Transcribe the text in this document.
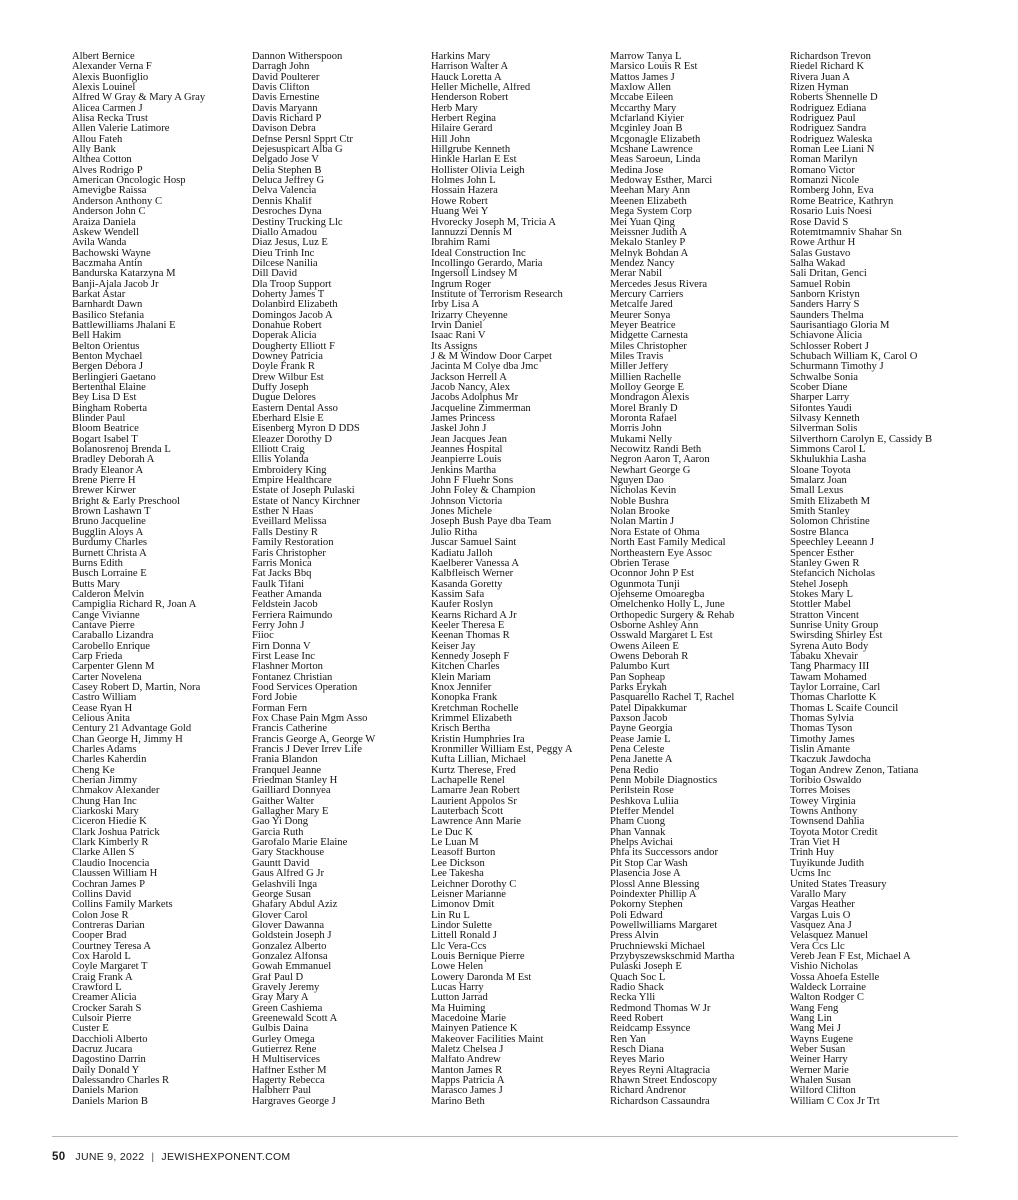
Albert Bernice
Alexander Verna F
Alexis Buonfiglio
Alexis Louinel
Alfred W Gray & Mary A Gray
Alicea Carmen J
Alisa Recka Trust
Allen Valerie Latimore
Allou Fateh
Ally Bank
Althea Cotton
Alves Rodrigo P
American Oncologic Hosp
Amevigbe Raissa
Anderson Anthony C
Anderson John C
Araiza Daniela
Askew Wendell
Avila Wanda
Bachowski Wayne
Baczmaha Antin
Bandurska Katarzyna M
Banji-Ajala Jacob Jr
Barkat Astar
Barnhardt Dawn
Basilico Stefania
Battlewilliams Jhalani E
Bell Hakim
Belton Orientus
Benton Mychael
Bergen Debora J
Berlingieri Gaetano
Bertenthal Elaine
Bey Lisa D Est
Bingham Roberta
Blinder Paul
Bloom Beatrice
Bogart Isabel T
Bolanosrenoj Brenda L
Bradley Deborah A
Brady Eleanor A
Brene Pierre H
Brewer Kirwer
Bright & Early Preschool
Brown Lashawn T
Bruno Jacqueline
Bugglin Aloys A
Burdumy Charles
Burnett Christa A
Burns Edith
Busch Lorraine E
Butts Mary
Calderon Melvin
Campiglia Richard R, Joan A
Cange Vivianne
Cantave Pierre
Caraballo Lizandra
Carobello Enrique
Carp Frieda
Carpenter Glenn M
Carter Novelena
Casey Robert D, Martin, Nora
Castro William
Cease Ryan H
Celious Anita
Century 21 Advantage Gold
Chan George H, Jimmy H
Charles Adams
Charles Kaherdin
Cheng Ke
Cherian Jimmy
Chmakov Alexander
Chung Han Inc
Ciarkoski Mary
Ciceron Hiedie K
Clark Joshua Patrick
Clark Kimberly R
Clarke Allen S
Claudio Inocencia
Claussen William H
Cochran James P
Collins David
Collins Family Markets
Colon Jose R
Contreras Darian
Cooper Brad
Courtney Teresa A
Cox Harold L
Coyle Margaret T
Craig Frank A
Crawford L
Creamer Alicia
Crocker Sarah S
Culsoir Pierre
Custer E
Dacchioli Alberto
Dacruz Jucara
Dagostino Darrin
Daily Donald Y
Dalessandro Charles R
Daniels Marion
Daniels Marion B
Dannon Witherspoon
Darragh John
David Poulterer
Davis Clifton
Davis Ernestine
Davis Maryann
Davis Richard P
Davison Debra
Defnse Persnl Spprt Ctr
Dejesuspicart Alba G
Delgado Jose V
Delia Stephen B
Deluca Jeffrey G
Delva Valencia
Dennis Khalif
Desroches Dyna
Destiny Trucking Llc
Diallo Amadou
Diaz Jesus, Luz E
Dieu Trinh Inc
Dilcese Nanilia
Dill David
Dla Troop Support
Doherty James T
Dolanbird Elizabeth
Domingos Jacob A
Donahue Robert
Doperak Alicia
Dougherty Elliott F
Downey Patricia
Doyle Frank R
Drew Wilbur Est
Duffy Joseph
Dugue Delores
Eastern Dental Asso
Eberhard Elsie E
Eisenberg Myron D DDS
Eleazer Dorothy D
Elliott Craig
Ellis Yolanda
Embroidery King
Empire Healthcare
Estate of Joseph Pulaski
Estate of Nancy Kirchner
Esther N Haas
Eveillard Melissa
Falls Destiny R
Family Restoration
Faris Christopher
Farris Monica
Fat Jacks Bbq
Faulk Tifani
Feather Amanda
Feldstein Jacob
Ferriera Raimundo
Ferry John J
Fiioc
Firn Donna V
First Lease Inc
Flashner Morton
Fontanez Christian
Food Services Operation
Ford Jobie
Forman Fern
Fox Chase Pain Mgm Asso
Francis Catherine
Francis George A, George W
Francis J Dever Irrev Life
Frania Blandon
Franquel Jeanne
Friedman Stanley H
Gailliard Donnyea
Gaither Walter
Gallagher Mary E
Gao Yi Dong
Garcia Ruth
Garofalo Marie Elaine
Gary Stackhouse
Gauntt David
Gaus Alfred G Jr
Gelashvili Inga
George Susan
Ghafary Abdul Aziz
Glover Carol
Glover Dawanna
Goldstein Joseph J
Gonzalez Alberto
Gonzalez Alfonsa
Gowah Emmanuel
Graf Paul D
Gravely Jeremy
Gray Mary A
Green Cashiema
Greenewald Scott A
Gulbis Daina
Gurley Omega
Gutierrez Rene
H Multiservices
Haffner Esther M
Hagerty Rebecca
Halbherr Paul
Hargraves George J
Harkins Mary
Harrison Walter A
Hauck Loretta A
Heller Michelle, Alfred
Henderson Robert
Herb Mary
Herbert Regina
Hilaire Gerard
Hill John
Hillgrube Kenneth
Hinkle Harlan E Est
Hollister Olivia Leigh
Holmes John L
Hossain Hazera
Howe Robert
Huang Wei Y
Hvorecky Joseph M, Tricia A
Iannuzzi Dennis M
Ibrahim Rami
Ideal Construction Inc
Incollingo Gerardo, Maria
Ingersoll Lindsey M
Ingrum Roger
Institute of Terrorism Research
Irby Lisa A
Irizarry Cheyenne
Irvin Daniel
Isaac Rani V
Its Assigns
J & M Window Door Carpet
Jacinta M Colye dba Jmc
Jackson Herrell A
Jacob Nancy, Alex
Jacobs Adolphus Mr
Jacqueline Zimmerman
James Princess
Jaskel John J
Jean Jacques Jean
Jeannes Hospital
Jeanpierre Louis
Jenkins Martha
John F Fluehr Sons
John Foley & Champion
Johnson Victoria
Jones Michele
Joseph Bush Paye dba Team
Julio Ritha
Juscar Samuel Saint
Kadiatu Jalloh
Kaelberer Vanessa A
Kalbfleisch Werner
Kasanda Goretty
Kassim Safa
Kaufer Roslyn
Kearns Richard A Jr
Keeler Theresa E
Keenan Thomas R
Keiser Jay
Kennedy Joseph F
Kitchen Charles
Klein Mariam
Knox Jennifer
Konopka Frank
Kretchman Rochelle
Krimmel Elizabeth
Krisch Bertha
Kristin Humphries Ira
Kronmiller William Est, Peggy A
Kufta Lillian, Michael
Kurtz Therese, Fred
Lachapelle Renel
Lamarre Jean Robert
Laurient Appolos Sr
Lauterbach Scott
Lawrence Ann Marie
Le Duc K
Le Luan M
Leasoff Burton
Lee Dickson
Lee Takesha
Leichner Dorothy C
Leisner Marianne
Limonov Dmit
Lin Ru L
Lindor Sulette
Littell Ronald J
Llc Vera-Ccs
Louis Bernique Pierre
Lowe Helen
Lowery Daronda M Est
Lucas Harry
Lutton Jarrad
Ma Huiming
Macedoine Marie
Mainyen Patience K
Makeover Facilities Maint
Maletz Chelsea J
Malfato Andrew
Manton James R
Mapps Patricia A
Marasco James J
Marino Beth
Marrow Tanya L
Marsico Louis R Est
Mattos James J
Maxlow Allen
Mccabe Eileen
Mccarthy Mary
Mcfarland Kiyier
Mcginley Joan B
Mcgonagle Elizabeth
Mcshane Lawrence
Meas Saroeun, Linda
Medina Jose
Medoway Esther, Marci
Meehan Mary Ann
Meenen Elizabeth
Mega System Corp
Mei Yuan Qing
Meissner Judith A
Mekalo Stanley P
Melnyk Bohdan A
Mendez Nancy
Merar Nabil
Mercedes Jesus Rivera
Mercury Carriers
Metcalfe Jared
Meurer Sonya
Meyer Beatrice
Midgette Carnesta
Miles Christopher
Miles Travis
Miller Jeffery
Millien Rachelle
Molloy George E
Mondragon Alexis
Morel Branly D
Moronta Rafael
Morris John
Mukami Nelly
Necowitz Randi Beth
Negron Aaron T, Aaron
Newhart George G
Nguyen Dao
Nicholas Kevin
Noble Bushra
Nolan Brooke
Nolan Martin J
Nora Estate of Ohma
North East Family Medical
Northeastern Eye Assoc
Obrien Terase
Oconnor John P Est
Ogunmota Tunji
Ojehseme Omoaregba
Omelchenko Holly L, June
Orthopedic Surgery & Rehab
Osborne Ashley Ann
Osswald Margaret L Est
Owens Aileen E
Owens Deborah R
Palumbo Kurt
Pan Sopheap
Parks Erykah
Pasquarello Rachel T, Rachel
Patel Dipakkumar
Paxson Jacob
Payne Georgia
Pease Jamie L
Pena Celeste
Pena Janette A
Pena Redio
Penn Mobile Diagnostics
Perilstein Rose
Peshkova Luliia
Pfeffer Mendel
Pham Cuong
Phan Vannak
Phelps Avichai
Phfa its Successors andor
Pit Stop Car Wash
Plasencia Jose A
Plossl Anne Blessing
Poindexter Phillip A
Pokorny Stephen
Poli Edward
Powellwilliams Margaret
Press Alvin
Pruchniewski Michael
Przybyszewskschmid Martha
Pulaski Joseph E
Quach Soc L
Radio Shack
Recka Ylli
Redmond Thomas W Jr
Reed Robert
Reidcamp Essynce
Ren Yan
Resch Diana
Reyes Mario
Reyes Reyni Altagracia
Rhawn Street Endoscopy
Richard Andrenor
Richardson Cassaundra
Richardson Trevon
Riedel Richard K
Rivera Juan A
Rizen Hyman
Roberts Shennelle D
Rodriguez Ediana
Rodriguez Paul
Rodriguez Sandra
Rodriguez Waleska
Roman Lee Liani N
Roman Marilyn
Romano Victor
Romanzi Nicole
Romberg John, Eva
Rome Beatrice, Kathryn
Rosario Luis Noesi
Rose David S
Rotemtmamniv Shahar Sn
Rowe Arthur H
Salas Gustavo
Salha Wakad
Sali Dritan, Genci
Samuel Robin
Sanborn Kristyn
Sanders Harry S
Saunders Thelma
Saurisantiago Gloria M
Schiavone Alicia
Schlosser Robert J
Schubach William K, Carol O
Schurmann Timothy J
Schwalbe Sonia
Scober Diane
Sharper Larry
Sifontes Yaudi
Silvasy Kenneth
Silverman Solis
Silverthorn Carolyn E, Cassidy B
Simmons Carol L
Skhulukhia Lasha
Sloane Toyota
Smalarz Joan
Small Lexus
Smith Elizabeth M
Smith Stanley
Solomon Christine
Sostre Blanca
Speechley Leeann J
Spencer Esther
Stanley Gwen R
Stefancich Nicholas
Stehel Joseph
Stokes Mary L
Stottler Mabel
Stratton Vincent
Sunrise Unity Group
Swirsding Shirley Est
Syrena Auto Body
Tabaku Xhevair
Tang Pharmacy III
Tawam Mohamed
Taylor Lorraine, Carl
Thomas Charlotte K
Thomas L Scaife Council
Thomas Sylvia
Thomas Tyson
Timothy James
Tislin Amante
Tkaczuk Jawdocha
Togan Andrew Zenon, Tatiana
Toribio Oswaldo
Torres Moises
Towey Virginia
Towns Anthony
Townsend Dahlia
Toyota Motor Credit
Tran Viet H
Trinh Huy
Tuyikunde Judith
Ucms Inc
United States Treasury
Varallo Mary
Vargas Heather
Vargas Luis O
Vasquez Ana J
Velasquez Manuel
Vera Ccs Llc
Vereb Jean F Est, Michael A
Vishio Nicholas
Vossa Ahoefa Estelle
Waldeck Lorraine
Walton Rodger C
Wang Feng
Wang Lin
Wang Mei J
Wayns Eugene
Weber Susan
Weiner Harry
Werner Marie
Whalen Susan
Wilford Clifton
William C Cox Jr Trt
50 JUNE 9, 2022 | JEWISHEXPONENT.COM
